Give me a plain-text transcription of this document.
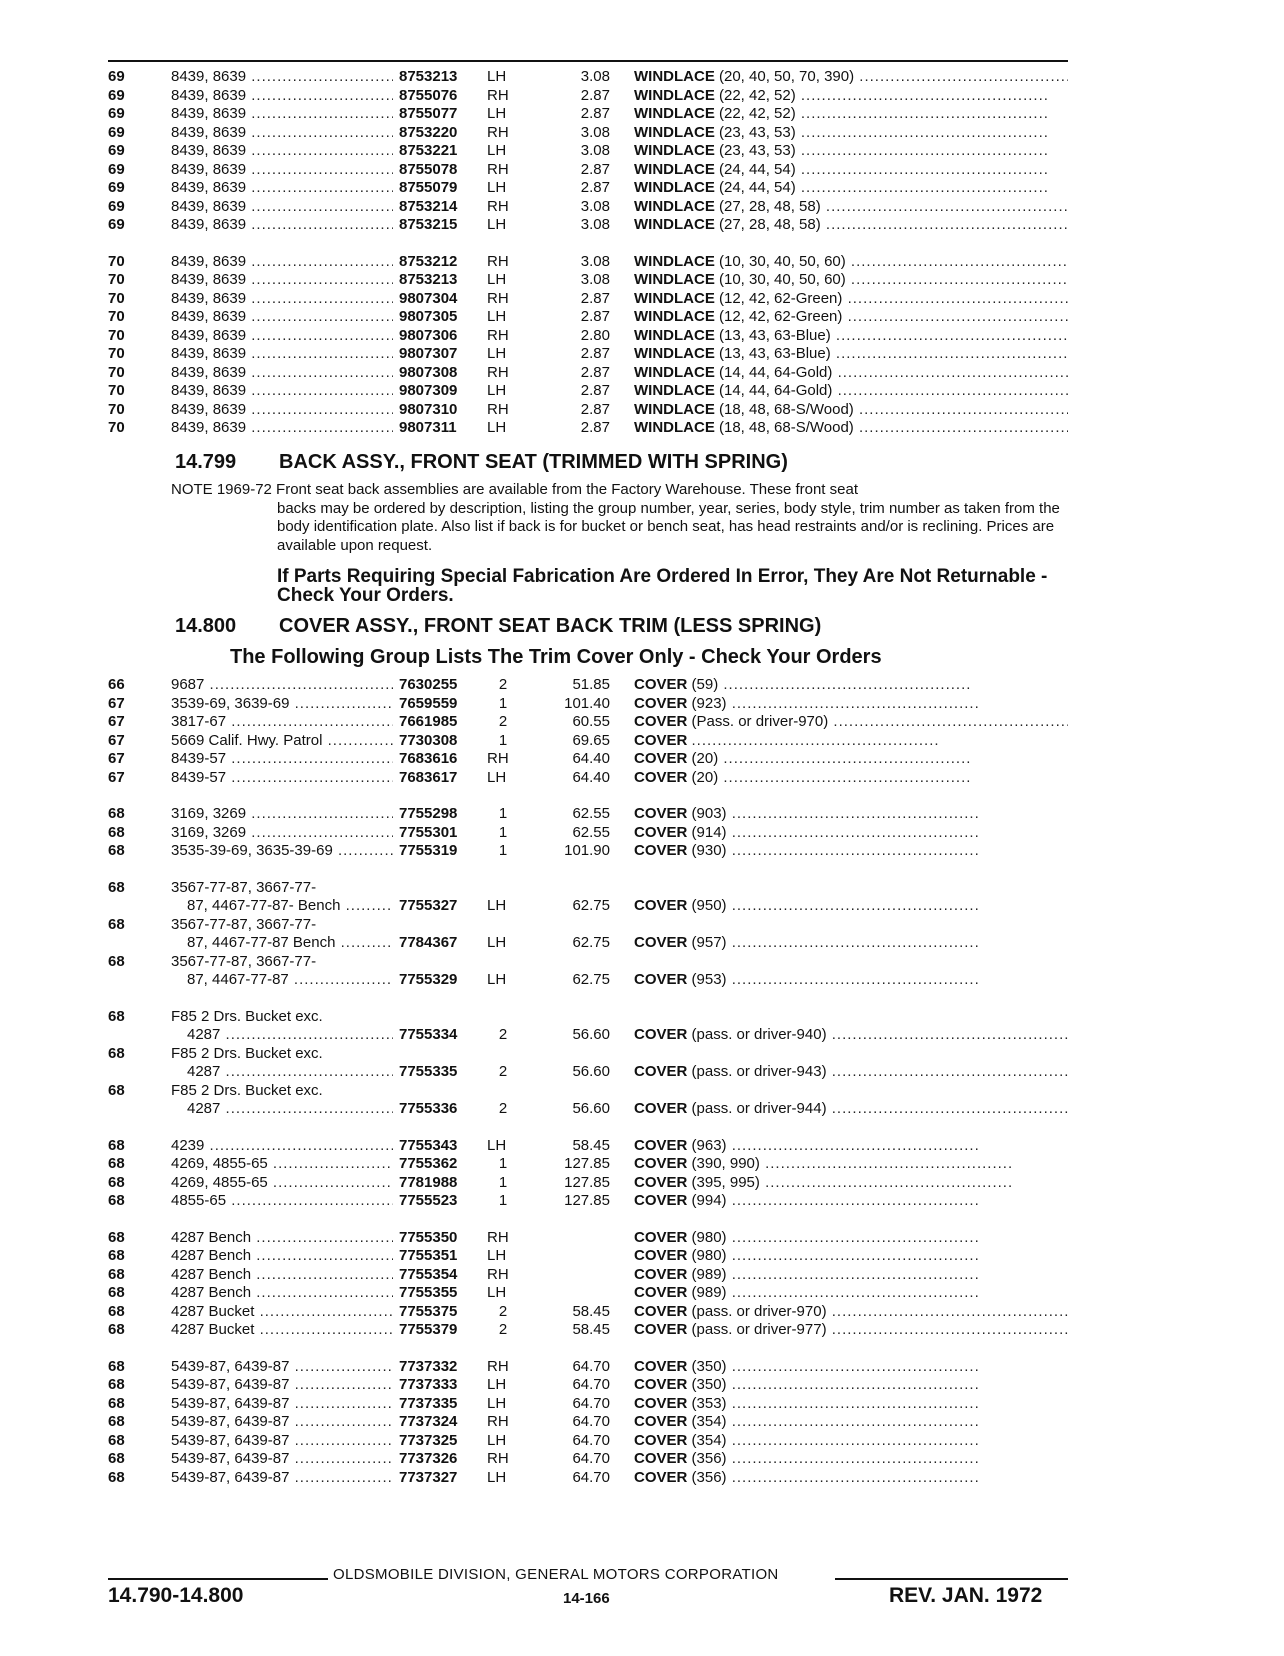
69	8439, 8639 .....	8753213	LH	3.08 WINDLACE (20, 40, 50, 70, 390) .....
69	8439, 8639 .....	8755076	RH	2.87 WINDLACE (22, 42, 52) .....
69	8439, 8639 .....	8755077	LH	2.87 WINDLACE (22, 42, 52) .....
69	8439, 8639 .....	8753220	RH	3.08 WINDLACE (23, 43, 53) .....
69	8439, 8639 .....	8753221	LH	3.08 WINDLACE (23, 43, 53) .....
69	8439, 8639 .....	8755078	RH	2.87 WINDLACE (24, 44, 54) .....
69	8439, 8639 .....	8755079	LH	2.87 WINDLACE (24, 44, 54) .....
69	8439, 8639 .....	8753214	RH	3.08 WINDLACE (27, 28, 48, 58) .....
69	8439, 8639 .....	8753215	LH	3.08 WINDLACE (27, 28, 48, 58) .....
70	8439, 8639 .....	8753212	RH	3.08 WINDLACE (10, 30, 40, 50, 60) .....
70	8439, 8639 .....	8753213	LH	3.08 WINDLACE (10, 30, 40, 50, 60) .....
70	8439, 8639 .....	9807304	RH	2.87 WINDLACE (12, 42, 62-Green) .....
70	8439, 8639 .....	9807305	LH	2.87 WINDLACE (12, 42, 62-Green) .....
70	8439, 8639 .....	9807306	RH	2.80 WINDLACE (13, 43, 63-Blue) .....
70	8439, 8639 .....	9807307	LH	2.87 WINDLACE (13, 43, 63-Blue) .....
70	8439, 8639 .....	9807308	RH	2.87 WINDLACE (14, 44, 64-Gold) .....
70	8439, 8639 .....	9807309	LH	2.87 WINDLACE (14, 44, 64-Gold) .....
70	8439, 8639 .....	9807310	RH	2.87 WINDLACE (18, 48, 68-S/Wood) .....
70	8439, 8639 .....	9807311	LH	2.87 WINDLACE (18, 48, 68-S/Wood) .....
14.799 BACK ASSY., FRONT SEAT (TRIMMED WITH SPRING)
NOTE 1969-72 Front seat back assemblies are available from the Factory Warehouse. These front seat
backs may be ordered by description, listing the group number, year, series, body style, trim number as taken from the body identification plate. Also list if back is for bucket or bench seat, has head restraints and/or is reclining. Prices are available upon request.
If Parts Requiring Special Fabrication Are Ordered In Error, They Are Not Returnable - Check Your Orders.
14.800 COVER ASSY., FRONT SEAT BACK TRIM (LESS SPRING)
The Following Group Lists The Trim Cover Only - Check Your Orders
66	9687 .....	7630255	2	51.85 COVER (59) .....
67	3539-69, 3639-69 .....	7659559	1	101.40 COVER (923) .....
67	3817-67 .....	7661985	2	60.55 COVER (Pass. or driver-970) .....
67	5669 Calif. Hwy. Patrol .....	7730308	1	69.65 COVER .....
67	8439-57 .....	7683616	RH	64.40 COVER (20) .....
67	8439-57 .....	7683617	LH	64.40 COVER (20) .....
68	3169, 3269 .....	7755298	1	62.55 COVER (903) .....
68	3169, 3269 .....	7755301	1	62.55 COVER (914) .....
68	3535-39-69, 3635-39-69 .....	7755319	1	101.90 COVER (930) .....
68	3567-77-87, 3667-77-
87, 4467-77-87- Bench .....	7755327	LH	62.75 COVER (950) .....
68	3567-77-87, 3667-77-
87, 4467-77-87 Bench .....	7784367	LH	62.75 COVER (957) .....
68	3567-77-87, 3667-77-
87, 4467-77-87 .....	7755329	LH	62.75 COVER (953) .....
68	F85 2 Drs. Bucket exc.
4287 .....	7755334	2	56.60 COVER (pass. or driver-940) .....
68	F85 2 Drs. Bucket exc.
4287 .....	7755335	2	56.60 COVER (pass. or driver-943) .....
68	F85 2 Drs. Bucket exc.
4287 .....	7755336	2	56.60 COVER (pass. or driver-944) .....
68	4239 .....	7755343	LH	58.45 COVER (963) .....
68	4269, 4855-65 .....	7755362	1	127.85 COVER (390, 990) .....
68	4269, 4855-65 .....	7781988	1	127.85 COVER (395, 995) .....
68	4855-65 .....	7755523	1	127.85 COVER (994) .....
68	4287 Bench .....	7755350	RH	COVER (980) .....
68	4287 Bench .....	7755351	LH	COVER (980) .....
68	4287 Bench .....	7755354	RH	COVER (989) .....
68	4287 Bench .....	7755355	LH	COVER (989) .....
68	4287 Bucket .....	7755375	2	58.45 COVER (pass. or driver-970) .....
68	4287 Bucket .....	7755379	2	58.45 COVER (pass. or driver-977) .....
68	5439-87, 6439-87 .....	7737332	RH	64.70 COVER (350) .....
68	5439-87, 6439-87 .....	7737333	LH	64.70 COVER (350) .....
68	5439-87, 6439-87 .....	7737335	LH	64.70 COVER (353) .....
68	5439-87, 6439-87 .....	7737324	RH	64.70 COVER (354) .....
68	5439-87, 6439-87 .....	7737325	LH	64.70 COVER (354) .....
68	5439-87, 6439-87 .....	7737326	RH	64.70 COVER (356) .....
68	5439-87, 6439-87 .....	7737327	LH	64.70 COVER (356) .....
OLDSMOBILE DIVISION, GENERAL MOTORS CORPORATION
14.790-14.800	14-166	REV. JAN. 1972
